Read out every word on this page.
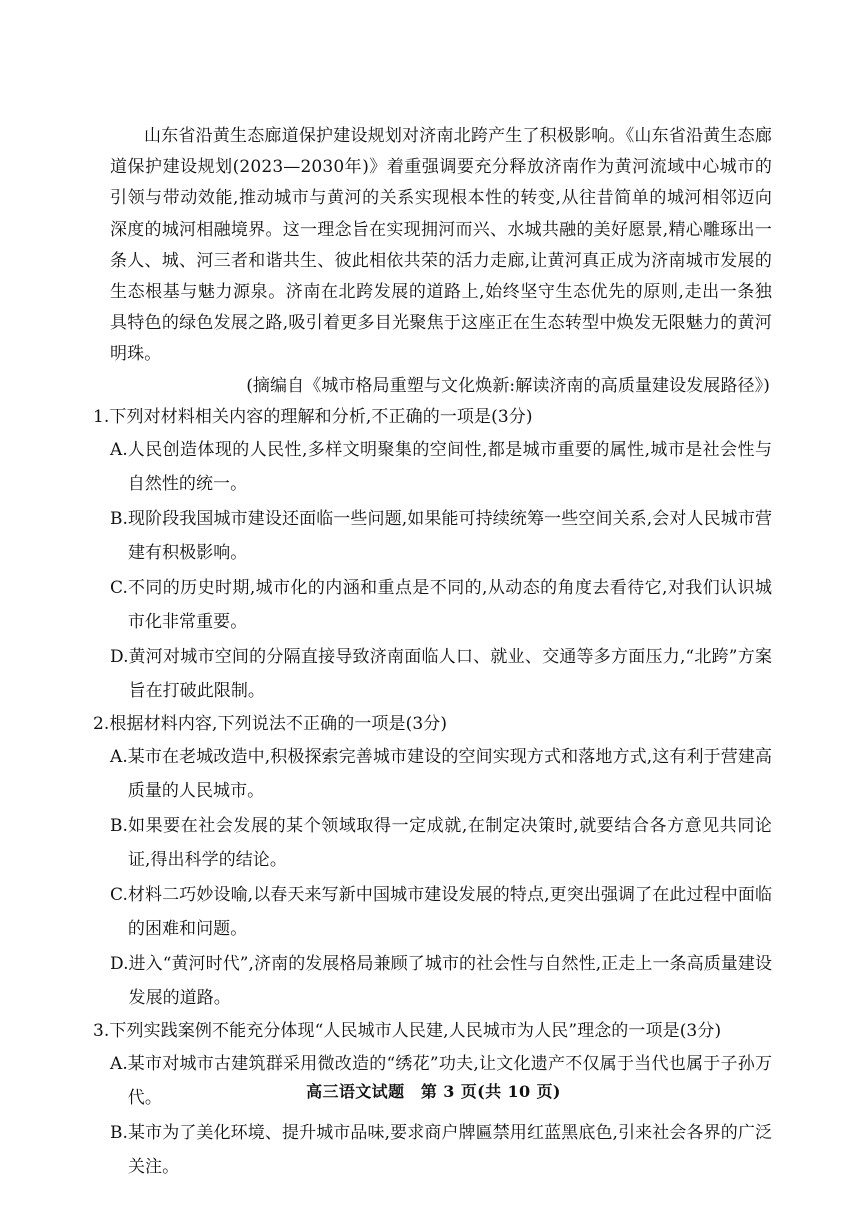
山东省沿黄生态廊道保护建设规划对济南北跨产生了积极影响。《山东省沿黄生态廊道保护建设规划(2023—2030年)》着重强调要充分释放济南作为黄河流域中心城市的引领与带动效能,推动城市与黄河的关系实现根本性的转变,从往昔简单的城河相邻迈向深度的城河相融境界。这一理念旨在实现拥河而兴、水城共融的美好愿景,精心雕琢出一条人、城、河三者和谐共生、彼此相依共荣的活力走廊,让黄河真正成为济南城市发展的生态根基与魅力源泉。济南在北跨发展的道路上,始终坚守生态优先的原则,走出一条独具特色的绿色发展之路,吸引着更多目光聚焦于这座正在生态转型中焕发无限魅力的黄河明珠。

(摘编自《城市格局重塑与文化焕新:解读济南的高质量建设发展路径》)

1.下列对材料相关内容的理解和分析,不正确的一项是(3分)

A. 人民创造体现的人民性,多样文明聚集的空间性,都是城市重要的属性,城市是社会性与自然性的统一。
B. 现阶段我国城市建设还面临一些问题,如果能可持续统筹一些空间关系,会对人民城市营建有积极影响。
C. 不同的历史时期,城市化的内涵和重点是不同的,从动态的角度去看待它,对我们认识城市化非常重要。
D. 黄河对城市空间的分隔直接导致济南面临人口、就业、交通等多方面压力,“北跨”方案旨在打破此限制。

2.根据材料内容,下列说法不正确的一项是(3分)

A. 某市在老城改造中,积极探索完善城市建设的空间实现方式和落地方式,这有利于营建高质量的人民城市。
B. 如果要在社会发展的某个领域取得一定成就,在制定决策时,就要结合各方意见共同论证,得出科学的结论。
C. 材料二巧妙设喻,以春天来写新中国城市建设发展的特点,更突出强调了在此过程中面临的困难和问题。
D. 进入“黄河时代”,济南的发展格局兼顾了城市的社会性与自然性,正走上一条高质量建设发展的道路。

3.下列实践案例不能充分体现“人民城市人民建,人民城市为人民”理念的一项是(3分)

A. 某市对城市古建筑群采用微改造的“绣花”功夫,让文化遗产不仅属于当代也属于子孙万代。
B. 某市为了美化环境、提升城市品味,要求商户牌匾禁用红蓝黑底色,引来社会各界的广泛关注。
高三语文试题　第 3 页(共 10 页)
